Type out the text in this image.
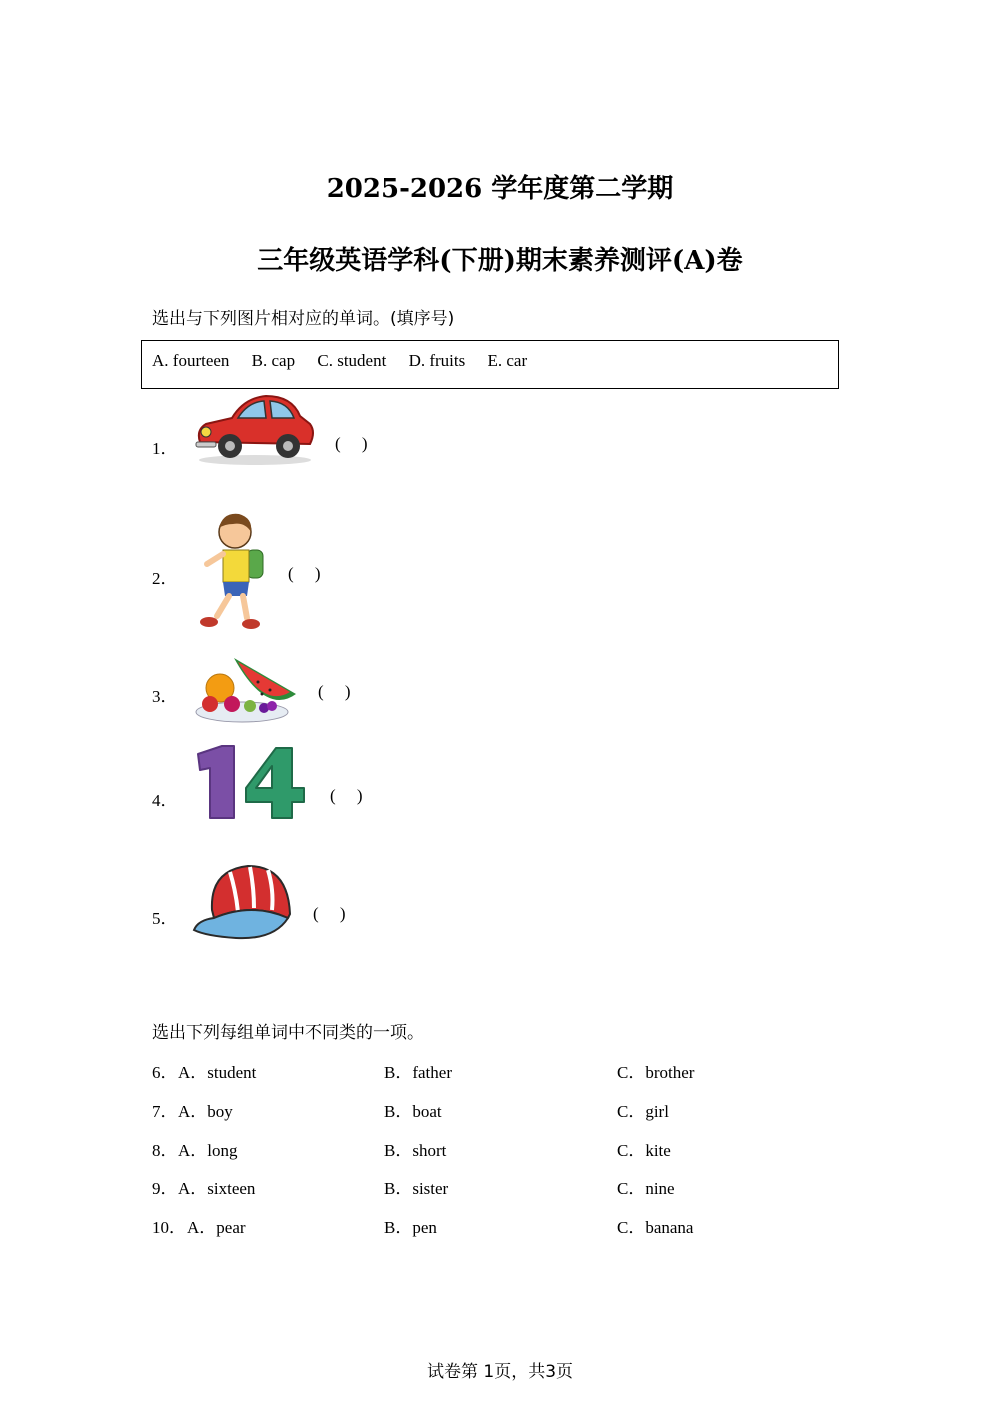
2025-2026 学年度第二学期
三年级英语学科(下册)期末素养测评(A)卷
选出与下列图片相对应的单词。(填序号)
A. fourteen B. cap C. student D. fruits E. car
1．	(     )
2．	(     )
3．	(     )
4．	(     )
5．	(     )
选出下列每组单词中不同类的一项。
6． A．student	B．father	C．brother
7． A．boy	B．boat	C．girl
8． A．long	B．short	C．kite
9． A．sixteen	B．sister	C．nine
10． A．pear	B．pen	C．banana
试卷第 1页，共3页
